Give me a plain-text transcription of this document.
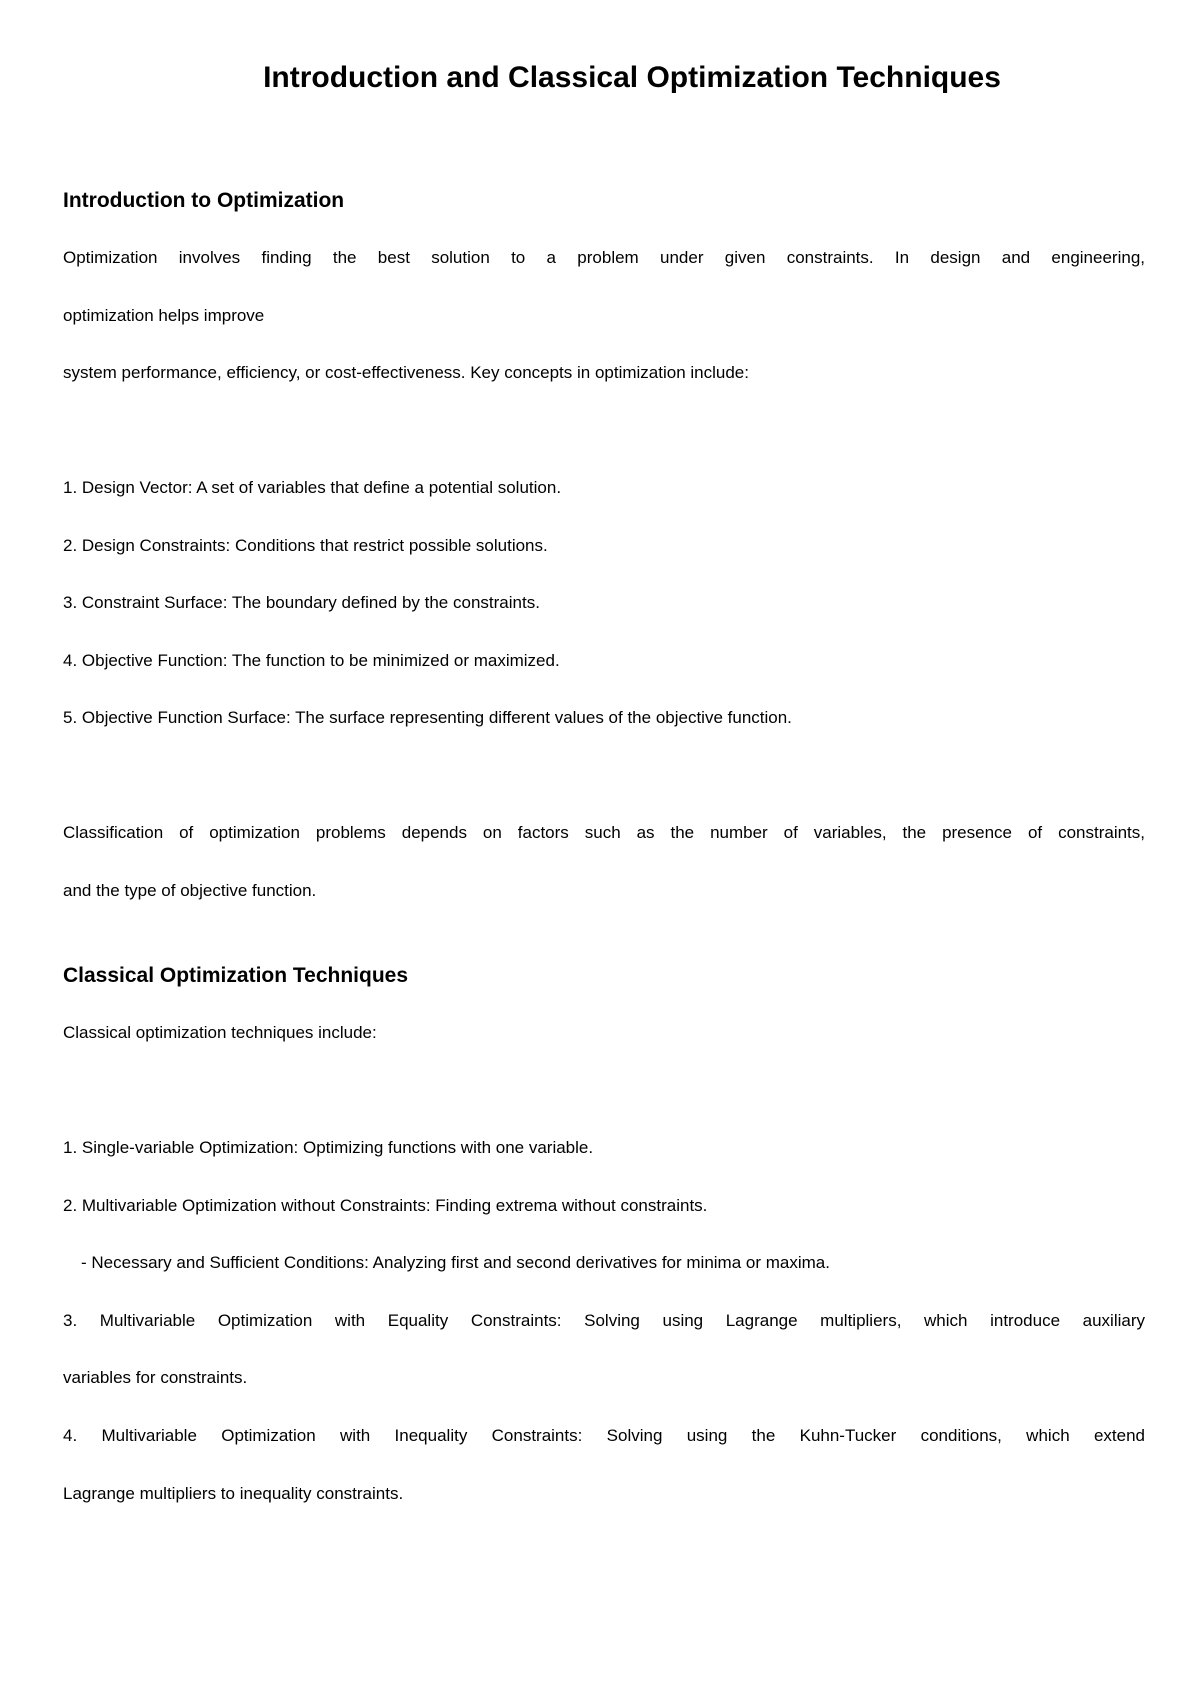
Introduction and Classical Optimization Techniques
Introduction to Optimization

Optimization involves finding the best solution to a problem under given constraints. In design and engineering,

optimization helps improve

system performance, efficiency, or cost-effectiveness. Key concepts in optimization include:

1. Design Vector: A set of variables that define a potential solution.

2. Design Constraints: Conditions that restrict possible solutions.

3. Constraint Surface: The boundary defined by the constraints.

4. Objective Function: The function to be minimized or maximized.

5. Objective Function Surface: The surface representing different values of the objective function.

Classification of optimization problems depends on factors such as the number of variables, the presence of constraints,

and the type of objective function.

Classical Optimization Techniques

Classical optimization techniques include:

1. Single-variable Optimization: Optimizing functions with one variable.

2. Multivariable Optimization without Constraints: Finding extrema without constraints.

- Necessary and Sufficient Conditions: Analyzing first and second derivatives for minima or maxima.

3. Multivariable Optimization with Equality Constraints: Solving using Lagrange multipliers, which introduce auxiliary

variables for constraints.

4. Multivariable Optimization with Inequality Constraints: Solving using the Kuhn-Tucker conditions, which extend

Lagrange multipliers to inequality constraints.
